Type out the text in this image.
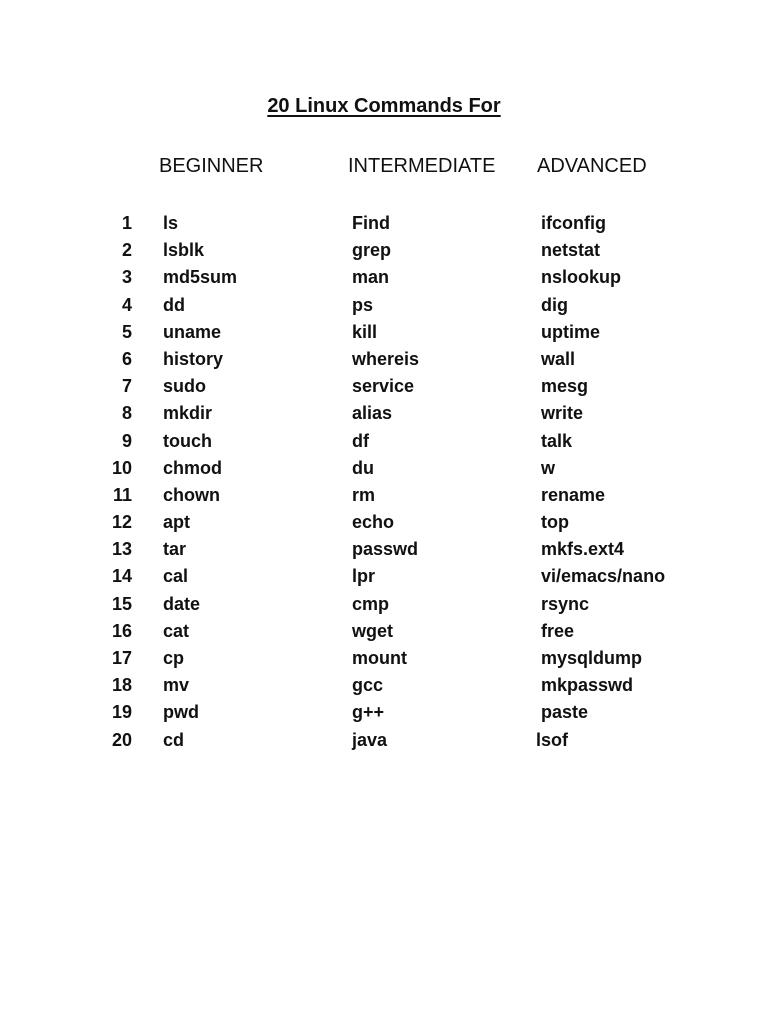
20 Linux Commands For
BEGINNER	INTERMEDIATE ADVANCED
1 ls	Find	ifconfig
2 lsblk	grep	netstat
3 md5sum	man	nslookup
4 dd	ps	dig
5 uname	kill	uptime
6 history	whereis	wall
7 sudo	service	mesg
8 mkdir	alias	write
9 touch	df	talk
10 chmod	du	w
11 chown	rm	rename
12 apt	echo	top
13 tar	passwd	mkfs.ext4
14 cal	lpr	vi/emacs/nano
15 date	cmp	rsync
16 cat	wget	free
17 cp	mount	mysqldump
18 mv	gcc	mkpasswd
19 pwd	g++	paste
20 cd	java	lsof
